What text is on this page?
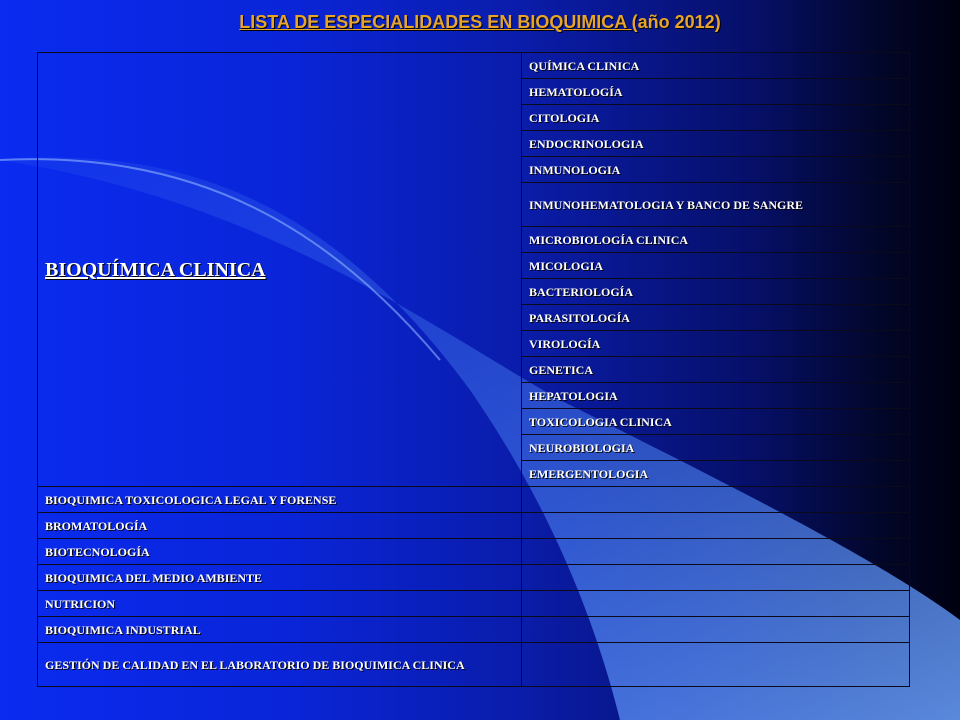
LISTA DE ESPECIALIDADES EN BIOQUIMICA (año 2012)
BIOQUÍMICA CLINICA	QUÍMICA CLINICA
	HEMATOLOGÍA
	CITOLOGIA
	ENDOCRINOLOGIA
	INMUNOLOGIA
	INMUNOHEMATOLOGIA Y BANCO DE SANGRE
	MICROBIOLOGÍA CLINICA
	MICOLOGIA
	BACTERIOLOGÍA
	PARASITOLOGÍA
	VIROLOGÍA
	GENETICA
	HEPATOLOGIA
	TOXICOLOGIA CLINICA
	NEUROBIOLOGIA
	EMERGENTOLOGIA
BIOQUIMICA TOXICOLOGICA LEGAL Y FORENSE	
BROMATOLOGÍA	
BIOTECNOLOGÍA	
BIOQUIMICA DEL MEDIO AMBIENTE	
NUTRICION	
BIOQUIMICA INDUSTRIAL	
GESTIÓN DE CALIDAD EN EL LABORATORIO DE BIOQUIMICA CLINICA	
